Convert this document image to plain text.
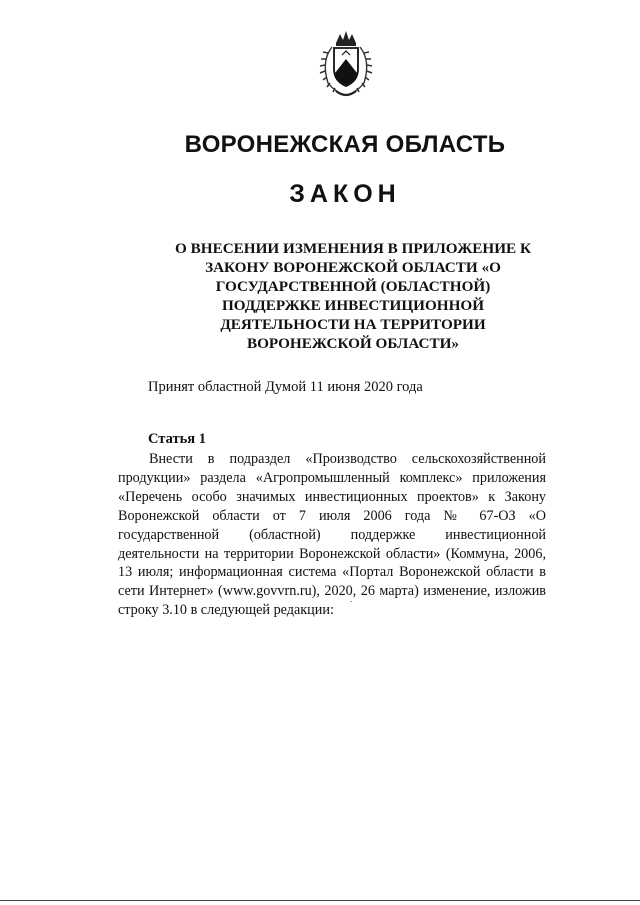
ВОРОНЕЖСКАЯ ОБЛАСТЬ
ЗАКОН

О ВНЕСЕНИИ ИЗМЕНЕНИЯ В ПРИЛОЖЕНИЕ К ЗАКОНУ ВОРОНЕЖСКОЙ ОБЛАСТИ «О ГОСУДАРСТВЕННОЙ (ОБЛАСТНОЙ) ПОДДЕРЖКЕ ИНВЕСТИЦИОННОЙ ДЕЯТЕЛЬНОСТИ НА ТЕРРИТОРИИ ВОРОНЕЖСКОЙ ОБЛАСТИ»

Принят областной Думой 11 июня 2020 года
Статья 1

Внести в подраздел «Производство сельскохозяйственной продукции» раздела «Агропромышленный комплекс» приложения «Перечень особо значимых инвестиционных проектов» к Закону Воронежской области от 7 июля 2006 года № 67-ОЗ «О государственной (областной) поддержке инвестиционной деятельности на территории Воронежской области» (Коммуна, 2006, 13 июля; информационная система «Портал Воронежской области в сети Интернет» (www.govvrn.ru), 2020, 26 марта) изменение, изложив строку 3.10 в следующей редакции:
